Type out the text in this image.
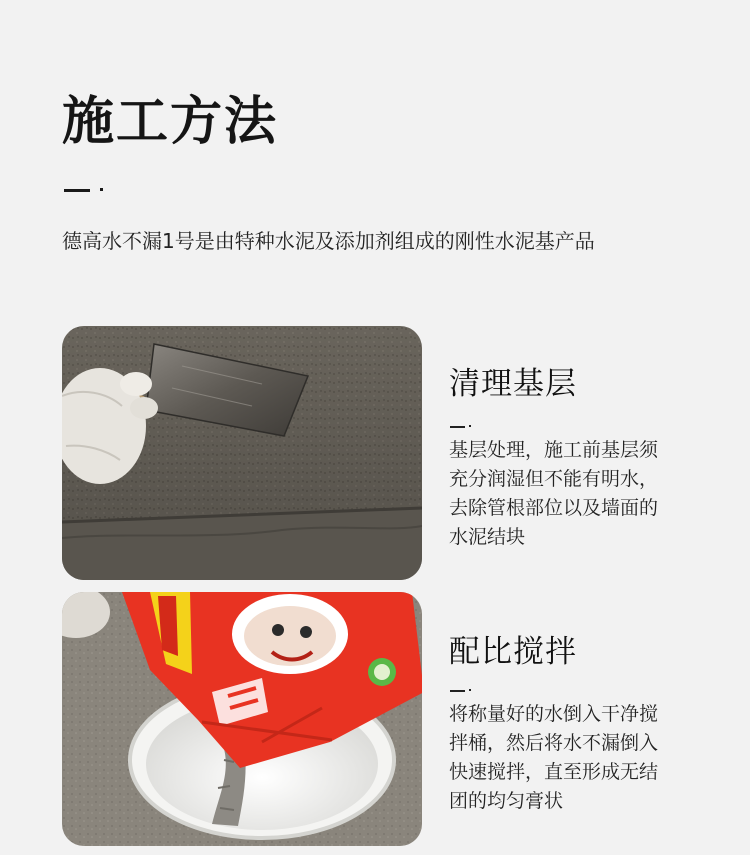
施工方法

德高水不漏1号是由特种水泥及添加剂组成的刚性水泥基产品

清理基层

基层处理，施工前基层须
充分润湿但不能有明水，
去除管根部位以及墙面的
水泥结块

配比搅拌

将称量好的水倒入干净搅
拌桶，然后将水不漏倒入
快速搅拌，直至形成无结
团的均匀膏状
